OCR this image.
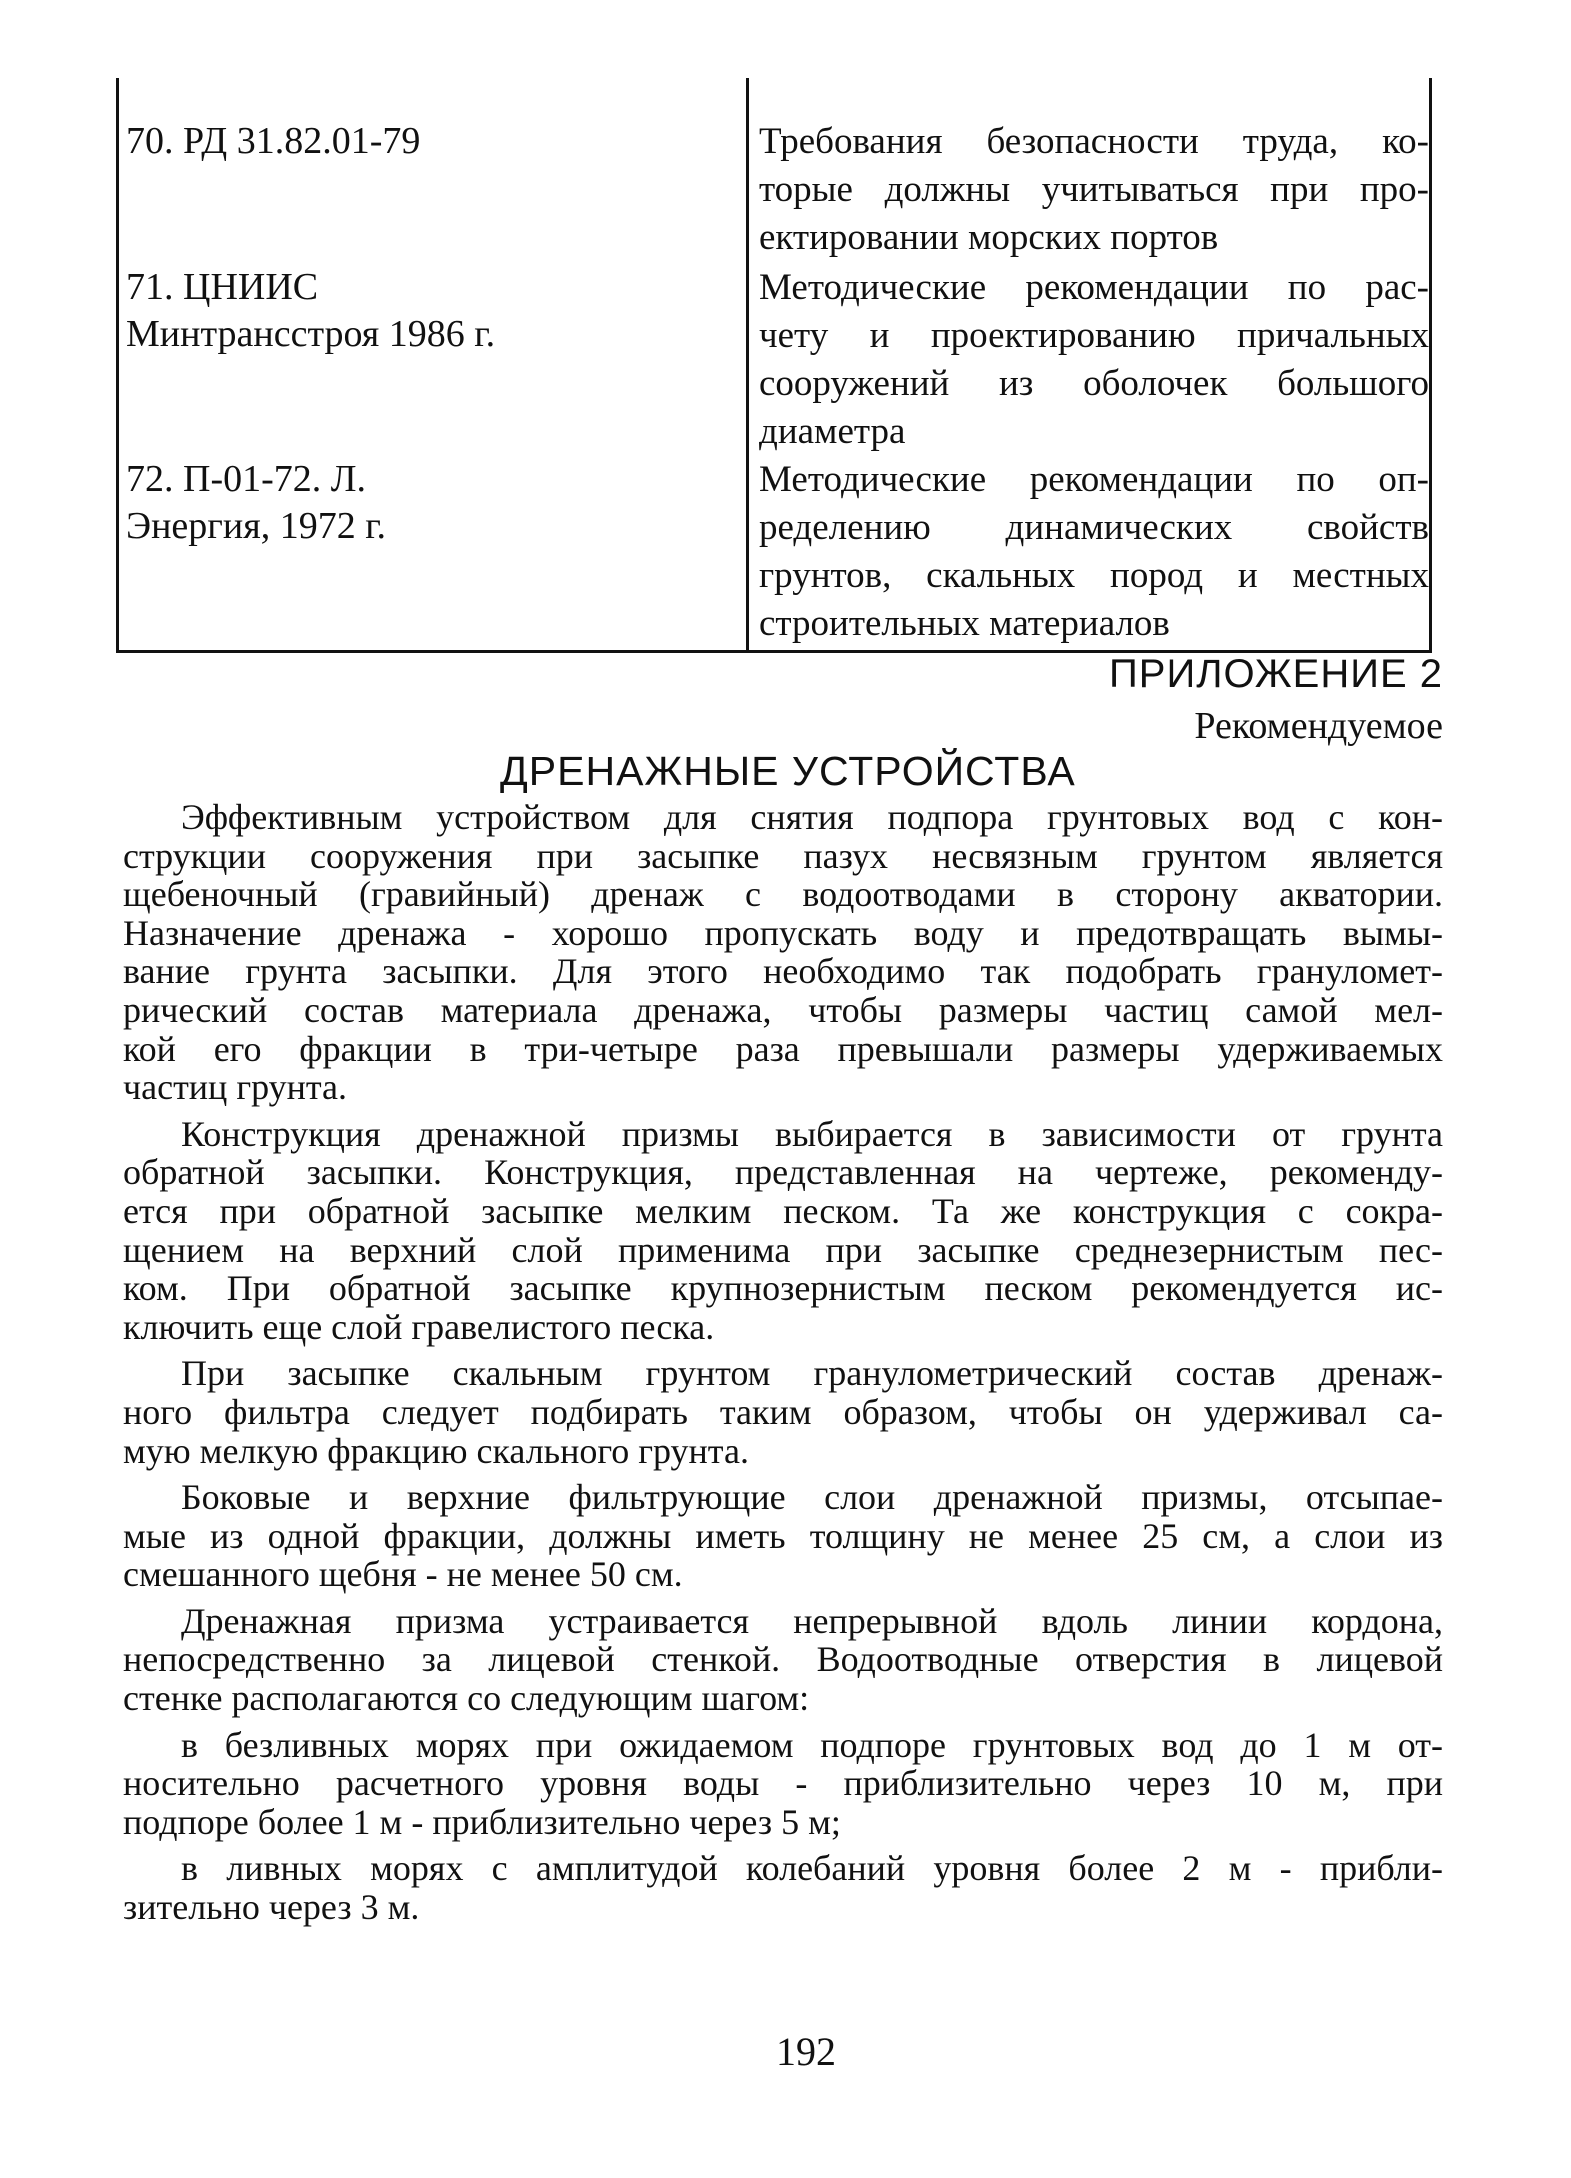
70. РД 31.82.01-79
71. ЦНИИС
Минтрансстроя 1986 г.
72. П-01-72. Л.
Энергия, 1972 г.
Требования безопасности труда, ко-
торые должны учитываться при про-
ектировании морских портов
Методические рекомендации по рас-
чету и проектированию причальных
сооружений из оболочек большого
диаметра
Методические рекомендации по оп-
ределению динамических свойств
грунтов, скальных пород и местных
строительных материалов
ПРИЛОЖЕНИЕ 2
Рекомендуемое
ДРЕНАЖНЫЕ УСТРОЙСТВА
Эффективным устройством для снятия подпора грунтовых вод с кон-
струкции сооружения при засыпке пазух несвязным грунтом является
щебеночный (гравийный) дренаж с водоотводами в сторону акватории.
Назначение дренажа - хорошо пропускать воду и предотвращать вымы-
вание грунта засыпки. Для этого необходимо так подобрать грануломет-
рический состав материала дренажа, чтобы размеры частиц самой мел-
кой его фракции в три-четыре раза превышали размеры удерживаемых
частиц грунта.
Конструкция дренажной призмы выбирается в зависимости от грунта
обратной засыпки. Конструкция, представленная на чертеже, рекоменду-
ется при обратной засыпке мелким песком. Та же конструкция с сокра-
щением на верхний слой применима при засыпке среднезернистым пес-
ком. При обратной засыпке крупнозернистым песком рекомендуется ис-
ключить еще слой гравелистого песка.
При засыпке скальным грунтом гранулометрический состав дренаж-
ного фильтра следует подбирать таким образом, чтобы он удерживал са-
мую мелкую фракцию скального грунта.
Боковые и верхние фильтрующие слои дренажной призмы, отсыпае-
мые из одной фракции, должны иметь толщину не менее 25 см, а слои из
смешанного щебня - не менее 50 см.
Дренажная призма устраивается непрерывной вдоль линии кордона,
непосредственно за лицевой стенкой. Водоотводные отверстия в лицевой
стенке располагаются со следующим шагом:
в безливных морях при ожидаемом подпоре грунтовых вод до 1 м от-
носительно расчетного уровня воды - приблизительно через 10 м, при
подпоре более 1 м - приблизительно через 5 м;
в ливных морях с амплитудой колебаний уровня более 2 м - прибли-
зительно через 3 м.
192
